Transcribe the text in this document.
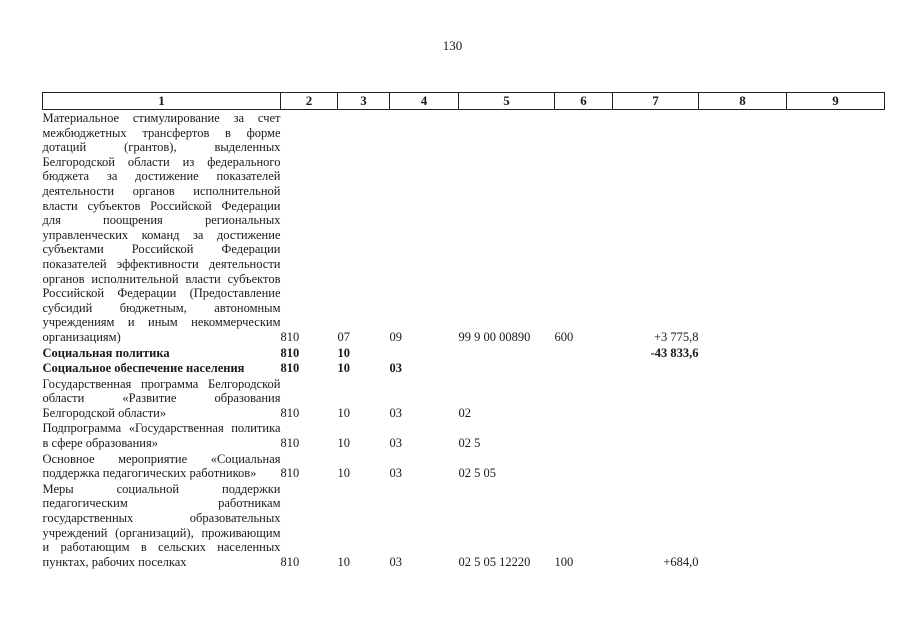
130
1	2	3	4	5	6	7	8	9
Материальное стимулирование за счет межбюджетных трансфертов в форме дотаций (грантов), выделенных Белгородской области из федерального бюджета за достижение показателей деятельности органов исполнительной власти субъектов Российской Федерации для поощрения региональных управленческих команд за достижение субъектами Российской Федерации показателей эффективности деятельности органов исполнительной власти субъектов Российской Федерации (Предоставление субсидий бюджетным, автономным учреждениям и иным некоммерческим организациям)	810	07	09	99 9 00 00890	600	+3 775,8		
Социальная политика	810	10				-43 833,6		
Социальное обеспечение населения	810	10	03					
Государственная программа Белгородской области «Развитие образования Белгородской области»	810	10	03	02				
Подпрограмма «Государственная политика в сфере образования»	810	10	03	02 5				
Основное мероприятие «Социальная поддержка педагогических работников»	810	10	03	02 5 05				
Меры социальной поддержки педагогическим работникам государственных образовательных учреждений (организаций), проживающим и работающим в сельских населенных пунктах, рабочих поселках	810	10	03	02 5 05 12220	100	+684,0		
